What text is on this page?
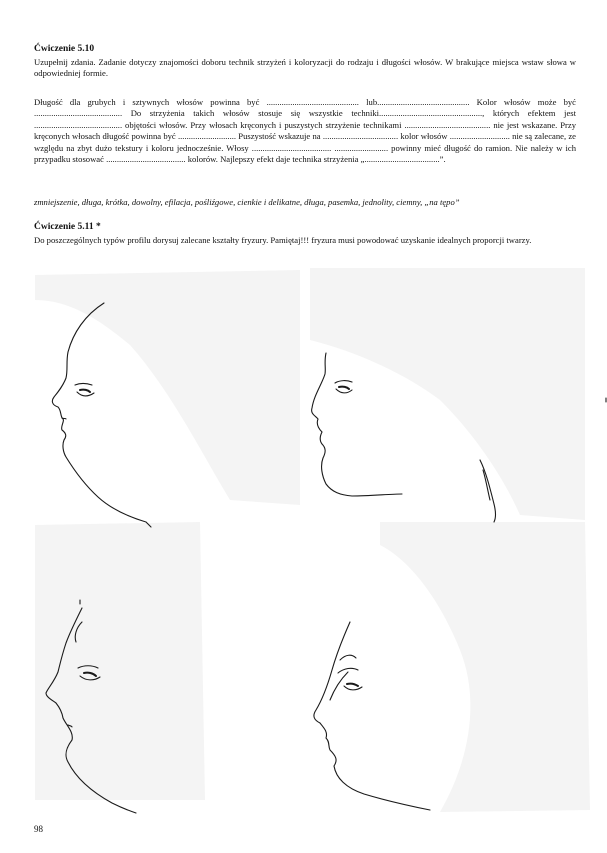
Ćwiczenie 5.10

Uzupełnij zdania. Zadanie dotyczy znajomości doboru technik strzyżeń i koloryzacji do rodzaju i długości włosów. W brakujące miejsca wstaw słowa w odpowiedniej formie.

Długość dla grubych i sztywnych włosów powinna być ........................................... lub........................................... Kolor włosów może być ......................................... Do strzyżenia takich włosów stosuje się wszystkie techniki................................................, których efektem jest ......................................... objętości włosów. Przy włosach kręconych i puszystych strzyżenie technikami ........................................ nie jest wskazane. Przy kręconych włosach długość powinna być ........................... Puszystość wskazuje na ................................... kolor włosów ............................ nie są zalecane, ze względu na zbyt dużo tekstury i koloru jednocześnie. Włosy ..................................... ......................... powinny mieć długość do ramion. Nie należy w ich przypadku stosować ..................................... kolorów. Najlepszy efekt daje technika strzyżenia „...................................”.

zmniejszenie, długa, krótka, dowolny, efilacja, pośliźgowe, cienkie i delikatne, długa, pasemka, jednolity, ciemny, „na tępo”
Ćwiczenie 5.11 *

Do poszczególnych typów profilu dorysuj zalecane kształty fryzury. Pamiętaj!!! fryzura musi powodować uzyskanie idealnych proporcji twarzy.

98
